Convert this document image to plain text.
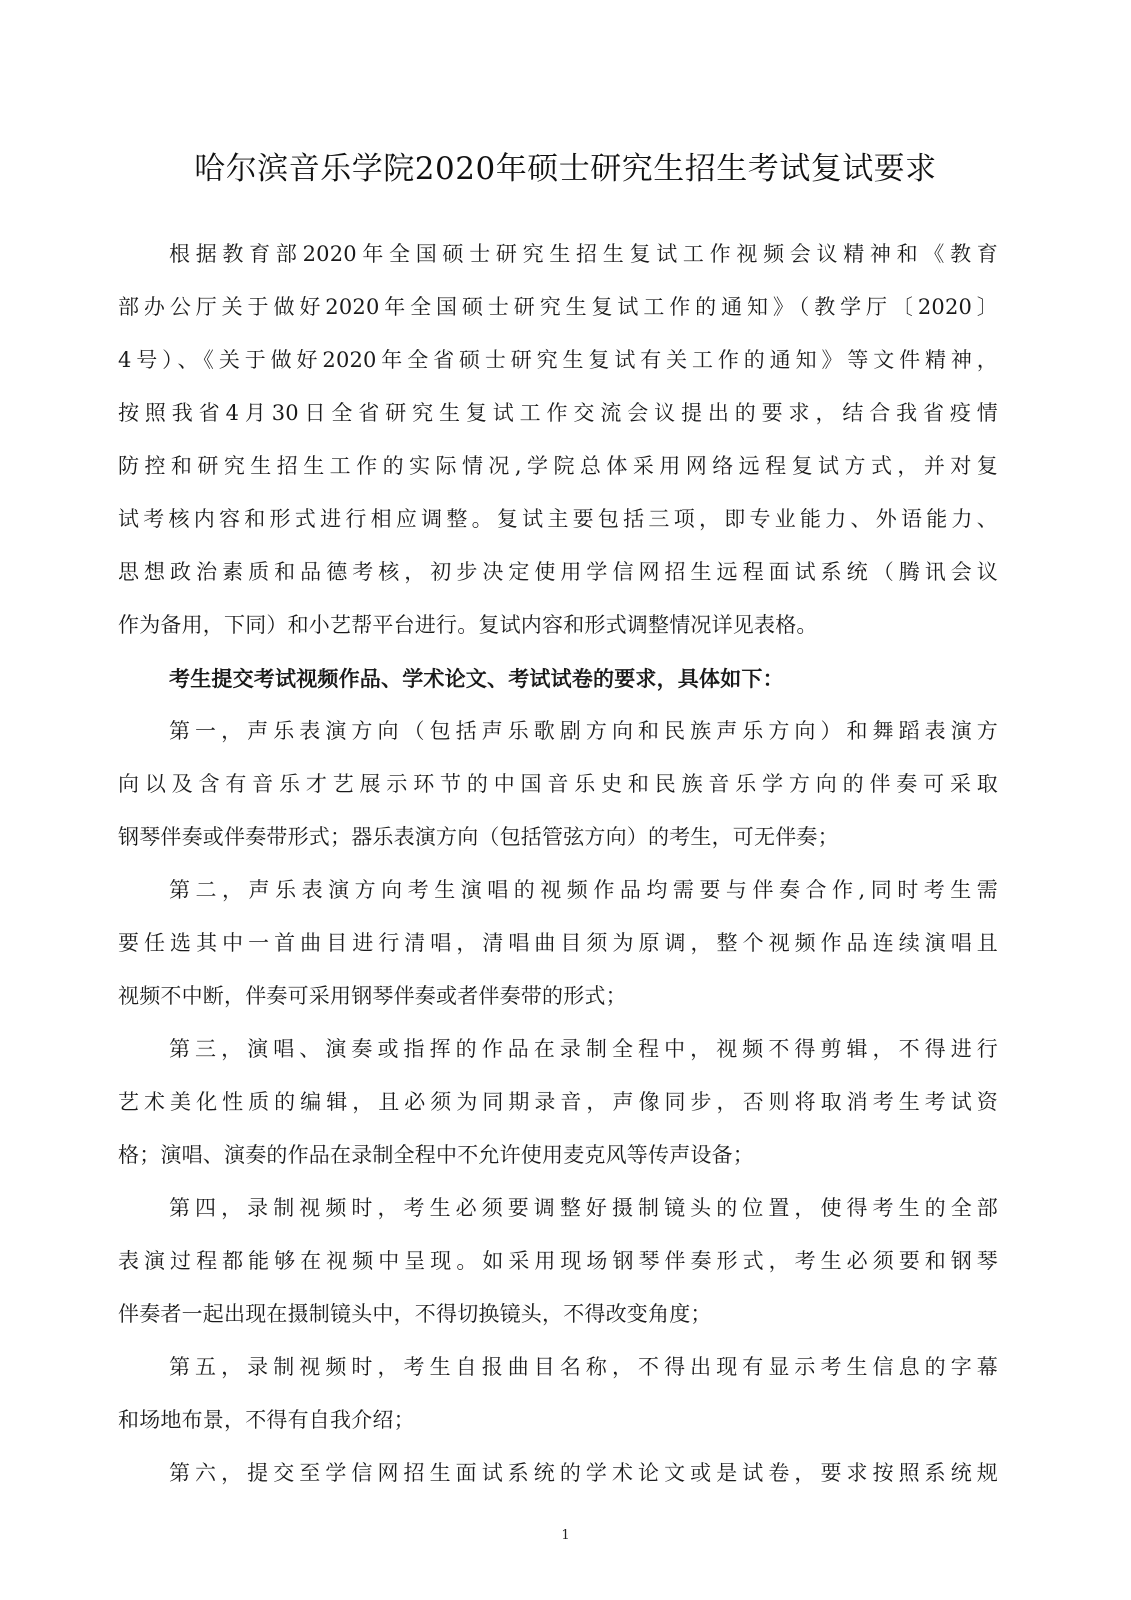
哈尔滨音乐学院2020年硕士研究生招生考试复试要求
根据教育部2020年全国硕士研究生招生复试工作视频会议精神和《教育
部办公厅关于做好2020年全国硕士研究生复试工作的通知》（教学厅〔2020〕
4号）、《关于做好2020年全省硕士研究生复试有关工作的通知》等文件精神，
按照我省4月30日全省研究生复试工作交流会议提出的要求，结合我省疫情
防控和研究生招生工作的实际情况,学院总体采用网络远程复试方式，并对复
试考核内容和形式进行相应调整。复试主要包括三项，即专业能力、外语能力、
思想政治素质和品德考核，初步决定使用学信网招生远程面试系统（腾讯会议
作为备用，下同）和小艺帮平台进行。复试内容和形式调整情况详见表格。
考生提交考试视频作品、学术论文、考试试卷的要求，具体如下：
第一，声乐表演方向（包括声乐歌剧方向和民族声乐方向）和舞蹈表演方
向以及含有音乐才艺展示环节的中国音乐史和民族音乐学方向的伴奏可采取
钢琴伴奏或伴奏带形式；器乐表演方向（包括管弦方向）的考生，可无伴奏；
第二，声乐表演方向考生演唱的视频作品均需要与伴奏合作,同时考生需
要任选其中一首曲目进行清唱，清唱曲目须为原调，整个视频作品连续演唱且
视频不中断，伴奏可采用钢琴伴奏或者伴奏带的形式；
第三，演唱、演奏或指挥的作品在录制全程中，视频不得剪辑，不得进行
艺术美化性质的编辑，且必须为同期录音，声像同步，否则将取消考生考试资
格；演唱、演奏的作品在录制全程中不允许使用麦克风等传声设备；
第四，录制视频时，考生必须要调整好摄制镜头的位置，使得考生的全部
表演过程都能够在视频中呈现。如采用现场钢琴伴奏形式，考生必须要和钢琴
伴奏者一起出现在摄制镜头中，不得切换镜头，不得改变角度；
第五，录制视频时，考生自报曲目名称，不得出现有显示考生信息的字幕
和场地布景，不得有自我介绍；
第六，提交至学信网招生面试系统的学术论文或是试卷，要求按照系统规
1
